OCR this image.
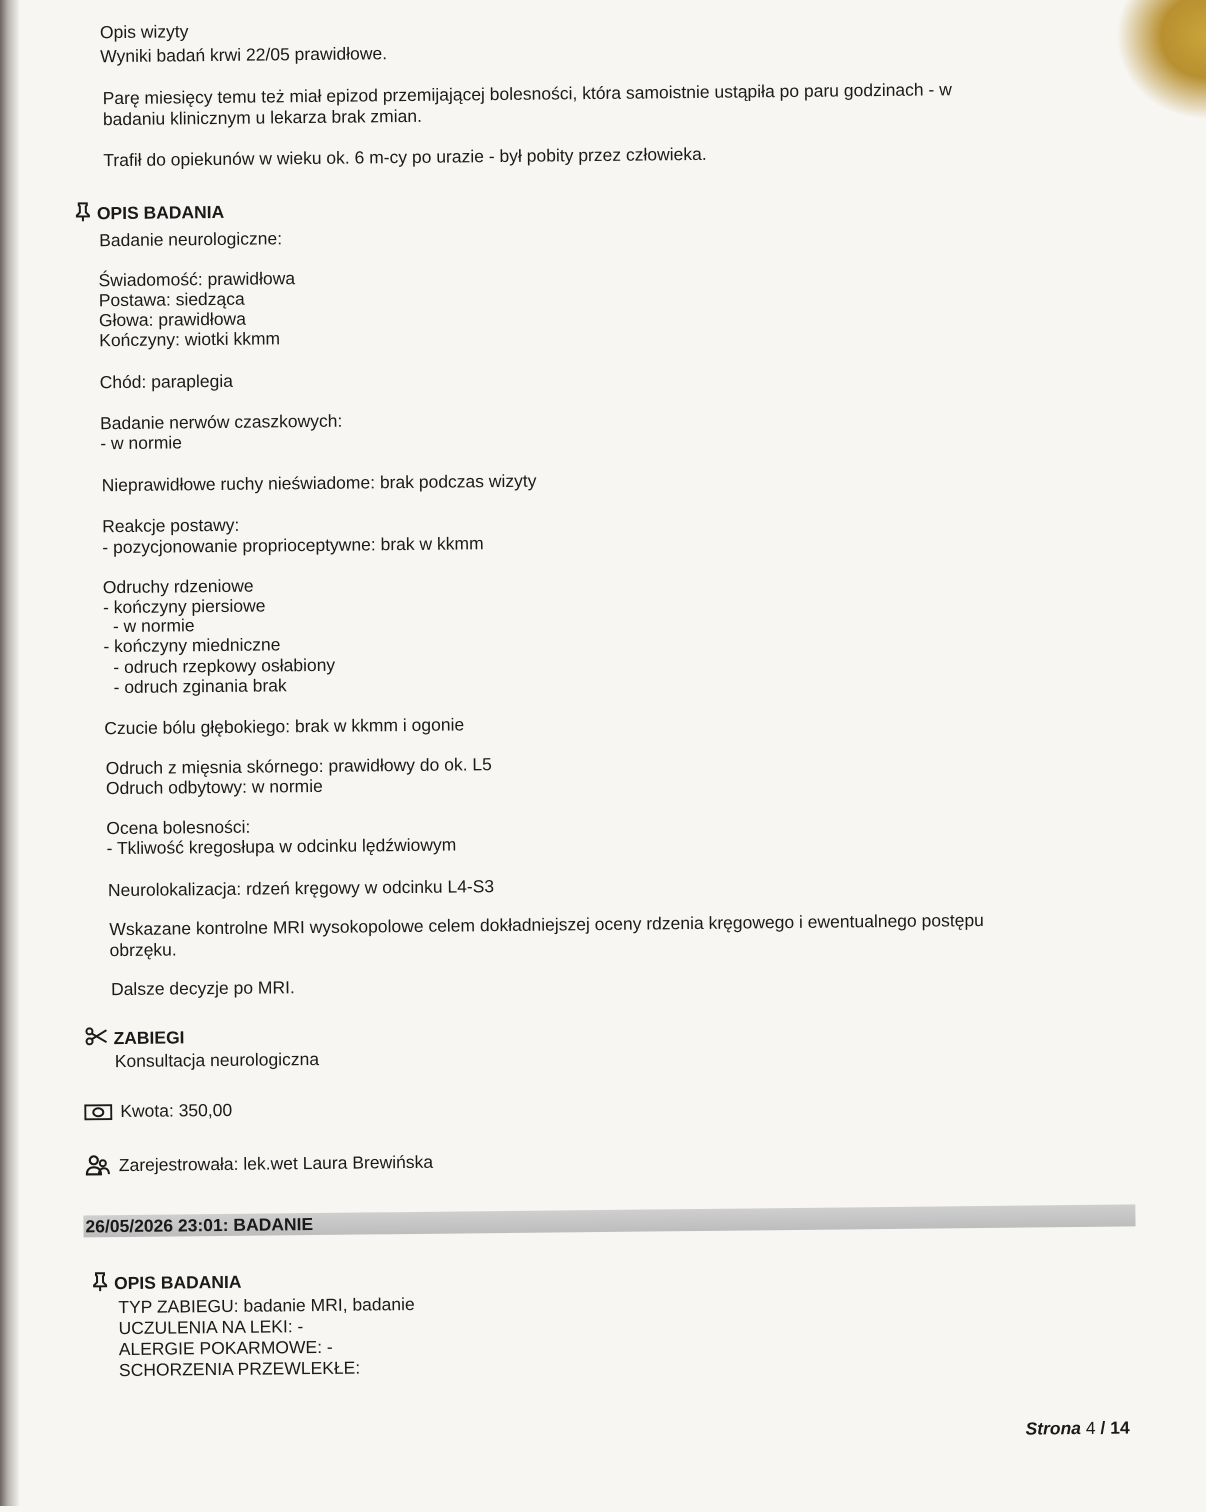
Opis wizyty
Wyniki badań krwi 22/05 prawidłowe.
Parę miesięcy temu też miał epizod przemijającej bolesności, która samoistnie ustąpiła po paru godzinach - w
badaniu klinicznym u lekarza brak zmian.
Trafił do opiekunów w wieku ok. 6 m-cy po urazie - był pobity przez człowieka.
OPIS BADANIA
Badanie neurologiczne:
Świadomość: prawidłowa
Postawa: siedząca
Głowa: prawidłowa
Kończyny: wiotki kkmm
Chód: paraplegia
Badanie nerwów czaszkowych:
- w normie
Nieprawidłowe ruchy nieświadome: brak podczas wizyty
Reakcje postawy:
- pozycjonowanie proprioceptywne: brak w kkmm
Odruchy rdzeniowe
- kończyny piersiowe
- w normie
- kończyny miedniczne
- odruch rzepkowy osłabiony
- odruch zginania brak
Czucie bólu głębokiego: brak w kkmm i ogonie
Odruch z mięsnia skórnego: prawidłowy do ok. L5
Odruch odbytowy: w normie
Ocena bolesności:
- Tkliwość kregosłupa w odcinku lędźwiowym
Neurolokalizacja: rdzeń kręgowy w odcinku L4-S3
Wskazane kontrolne MRI wysokopolowe celem dokładniejszej oceny rdzenia kręgowego i ewentualnego postępu
obrzęku.
Dalsze decyzje po MRI.
ZABIEGI
Konsultacja neurologiczna
Kwota: 350,00
Zarejestrowała: lek.wet Laura Brewińska
26/05/2026 23:01: BADANIE
OPIS BADANIA
TYP ZABIEGU: badanie MRI, badanie
UCZULENIA NA LEKI: -
ALERGIE POKARMOWE: -
SCHORZENIA PRZEWLEKŁE:
Strona 4 / 14
